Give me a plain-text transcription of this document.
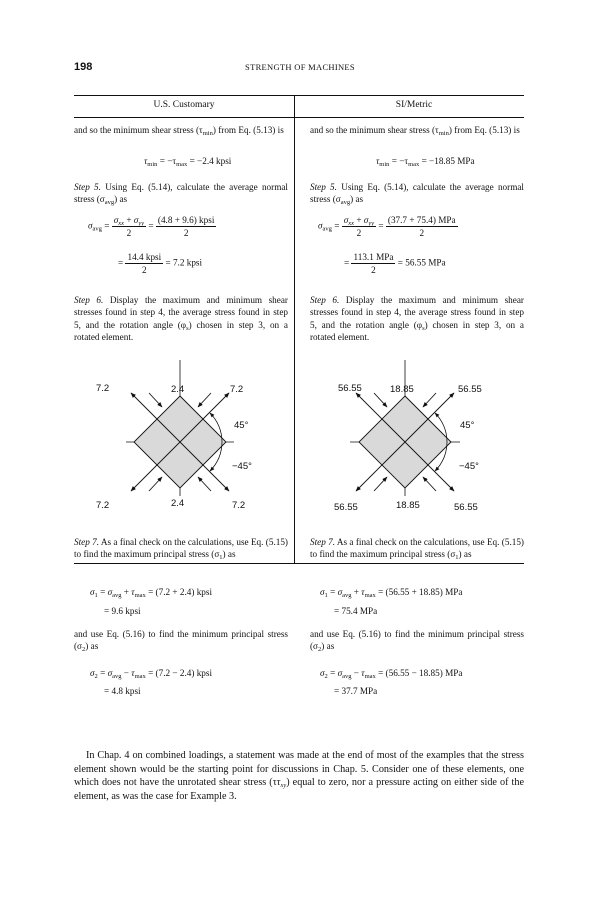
198	STRENGTH OF MACHINES
U.S. Customary	SI/Metric

and so the minimum shear stress $(\tau_{min})$ from Eq. (5.13) is

$\tau_{min} = -\tau_{max} = -2.4$ kpsi

Step 5. Using Eq. (5.14), calculate the average normal stress $(\sigma_{avg})$ as

$\sigma_{avg} = \frac{\sigma_{xx} + \sigma_{yy}}{2} = \frac{\text{(4.8 + 9.6) kpsi}}{2}$
= $\frac{\text{14.4 kpsi}}{2} = 7.2$ kpsi

Step 6. Display the maximum and minimum shear stresses found in step 4, the average stress found in step 5, and the rotation angle $(\varphi_s)$ chosen in step 3, on a rotated element.

7.2	2.4	7.2
45°
−45°
7.2	2.4	7.2

Step 7. As a final check on the calculations, use Eq. (5.15) to find the maximum principal stress $(\sigma_1)$ as

$\sigma_1 = \sigma_{avg} + \tau_{max} = (7.2 + 2.4)$ kpsi
= 9.6 kpsi

and use Eq. (5.16) to find the minimum principal stress $(\sigma_2)$ as

$\sigma_2 = \sigma_{avg} - \tau_{max} = (7.2 - 2.4)$ kpsi
= 4.8 kpsi

and so the minimum shear stress $(\tau_{min})$ from Eq. (5.13) is

$\tau_{min} = -\tau_{max} = -18.85$ MPa

Step 5. Using Eq. (5.14), calculate the average normal stress $(\sigma_{avg})$ as

$\sigma_{avg} = \frac{\sigma_{xx} + \sigma_{yy}}{2} = \frac{\text{(37.7 + 75.4) MPa}}{2}$
= $\frac{\text{113.1 MPa}}{2} = 56.55$ MPa

Step 6. Display the maximum and minimum shear stresses found in step 4, the average stress found in step 5, and the rotation angle $(\varphi_s)$ chosen in step 3, on a rotated element.

56.55	18.85	56.55
45°
−45°
56.55	18.85	56.55

Step 7. As a final check on the calculations, use Eq. (5.15) to find the maximum principal stress $(\sigma_1)$ as

$\sigma_1 = \sigma_{avg} + \tau_{max} = (56.55 + 18.85)$ MPa
= 75.4 MPa

and use Eq. (5.16) to find the minimum principal stress $(\sigma_2)$ as

$\sigma_2 = \sigma_{avg} - \tau_{max} = (56.55 - 18.85)$ MPa
= 37.7 MPa

In Chap. 4 on combined loadings, a statement was made at the end of most of the examples that the stress element shown would be the starting point for discussions in Chap. 5. Consider one of these elements, one which does not have the unrotated shear stress $(\tau\tau_{xy})$ equal to zero, nor a pressure acting on either side of the element, as was the case for Example 3.
